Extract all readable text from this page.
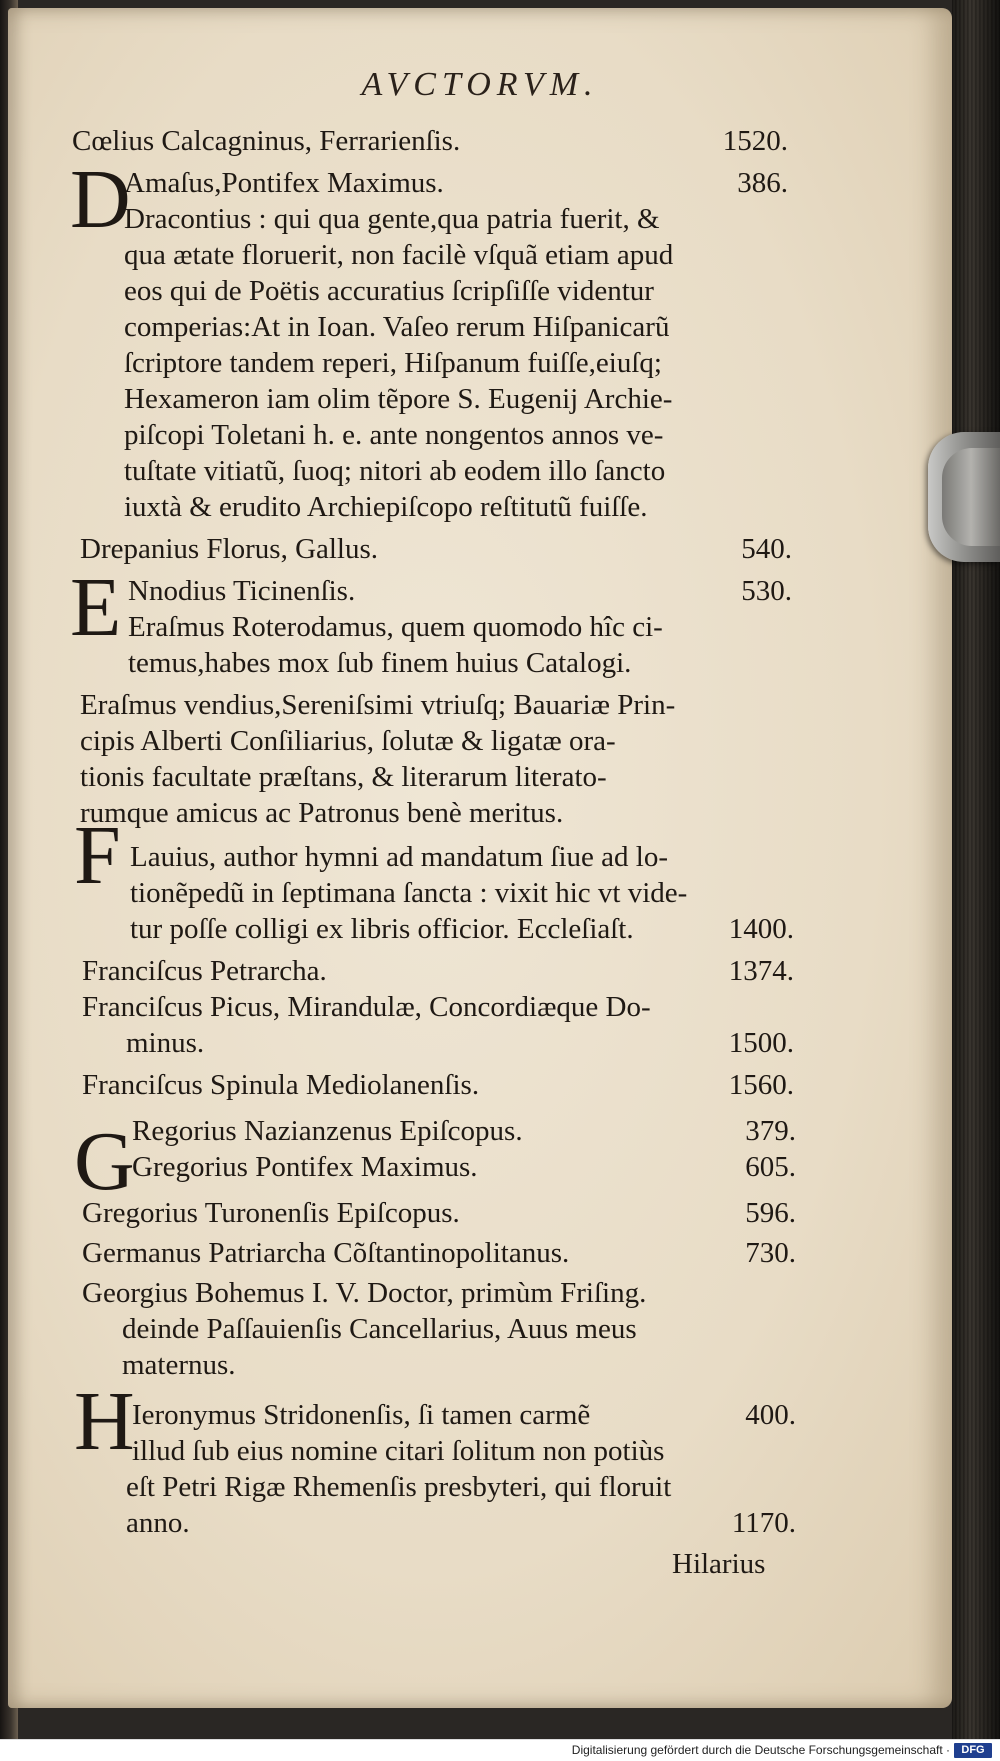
AVCTORVM.
D
E
F
G
H
Cœlius Calcagninus, Ferrarienſis.	1520.
Amaſus,Pontifex Maximus.	386.
Dracontius : qui qua gente,qua patria fuerit, &
qua ætate floruerit, non facilè vſquã etiam apud
eos qui de Poëtis accuratius ſcripſiſſe videntur
comperias:At in Ioan. Vaſeo rerum Hiſpanicarũ
ſcriptore tandem reperi, Hiſpanum fuiſſe,eiuſq;
Hexameron iam olim tẽpore S. Eugenij Archie-
piſcopi Toletani h. e. ante nongentos annos ve-
tuſtate vitiatũ, ſuoq; nitori ab eodem illo ſancto
iuxtà & erudito Archiepiſcopo reſtitutũ fuiſſe.
Drepanius Florus, Gallus.	540.
Nnodius Ticinenſis.	530.
Eraſmus Roterodamus, quem quomodo hîc ci-
temus,habes mox ſub finem huius Catalogi.
Eraſmus vendius,Sereniſsimi vtriuſq; Bauariæ Prin-
cipis Alberti Conſiliarius, ſolutæ & ligatæ ora-
tionis facultate præſtans, & literarum literato-
rumque amicus ac Patronus benè meritus.
Lauius, author hymni ad mandatum ſiue ad lo-
tionẽpedũ in ſeptimana ſancta : vixit hic vt vide-
tur poſſe colligi ex libris officior. Eccleſiaſt.	1400.
Franciſcus Petrarcha.	1374.
Franciſcus Picus, Mirandulæ, Concordiæque Do-
minus.	1500.
Franciſcus Spinula Mediolanenſis.	1560.
Regorius Nazianzenus Epiſcopus.	379.
Gregorius Pontifex Maximus.	605.
Gregorius Turonenſis Epiſcopus.	596.
Germanus Patriarcha Cõſtantinopolitanus.	730.
Georgius Bohemus I. V. Doctor, primùm Friſing.
deinde Paſſauienſis Cancellarius, Auus meus
maternus.
Ieronymus Stridonenſis, ſi tamen carmẽ	400.
illud ſub eius nomine citari ſolitum non potiùs
eſt Petri Rigæ Rhemenſis presbyteri, qui floruit
anno.	1170.
Hilarius
Digitalisierung gefördert durch die Deutsche Forschungsgemeinschaft ·	DFG
